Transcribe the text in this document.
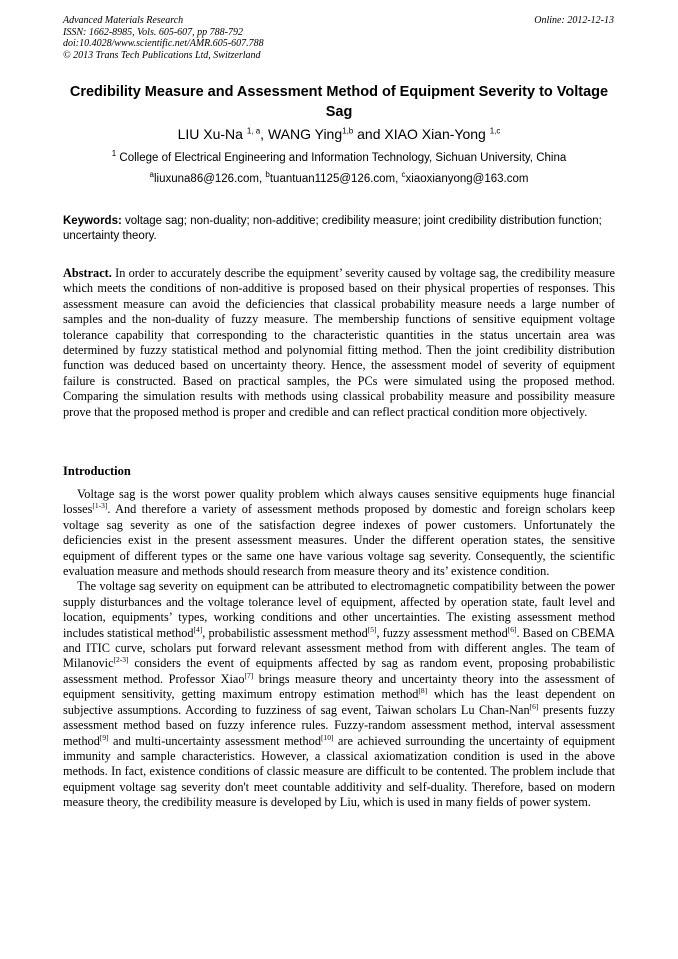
Advanced Materials Research
ISSN: 1662-8985, Vols. 605-607, pp 788-792
doi:10.4028/www.scientific.net/AMR.605-607.788
© 2013 Trans Tech Publications Ltd, Switzerland
Online: 2012-12-13
Credibility Measure and Assessment Method of Equipment Severity to Voltage Sag
LIU Xu-Na $^{1, a}$, WANG Ying$^{1,b}$ and XIAO Xian-Yong $^{1,c}$
$^1$ College of Electrical Engineering and Information Technology, Sichuan University, China
$^a$liuxuna86@126.com, $^b$tuantuan1125@126.com, $^c$xiaoxianyong@163.com
Keywords: voltage sag; non-duality; non-additive; credibility measure; joint credibility distribution function; uncertainty theory.
Abstract. In order to accurately describe the equipment’ severity caused by voltage sag, the credibility measure which meets the conditions of non-additive is proposed based on their physical properties of responses. This assessment measure can avoid the deficiencies that classical probability measure needs a large number of samples and the non-duality of fuzzy measure. The membership functions of sensitive equipment voltage tolerance capability that corresponding to the characteristic quantities in the status uncertain area was determined by fuzzy statistical method and polynomial fitting method. Then the joint credibility distribution function was deduced based on uncertainty theory. Hence, the assessment model of severity of equipment failure is constructed. Based on practical samples, the PCs were simulated using the proposed method. Comparing the simulation results with methods using classical probability measure and possibility measure prove that the proposed method is proper and credible and can reflect practical condition more objectively.
Introduction

Voltage sag is the worst power quality problem which always causes sensitive equipments huge financial losses[1-3]. And therefore a variety of assessment methods proposed by domestic and foreign scholars keep voltage sag severity as one of the satisfaction degree indexes of power customers. Unfortunately the deficiencies exist in the present assessment measures. Under the different operation states, the sensitive equipment of different types or the same one have various voltage sag severity. Consequently, the scientific evaluation measure and methods should research from measure theory and its’ existence condition.

The voltage sag severity on equipment can be attributed to electromagnetic compatibility between the power supply disturbances and the voltage tolerance level of equipment, affected by operation state, fault level and location, equipments’ types, working conditions and other uncertainties. The existing assessment method includes statistical method[4], probabilistic assessment method[5], fuzzy assessment method[6]. Based on CBEMA and ITIC curve, scholars put forward relevant assessment method from with different angles. The team of Milanovic[2-3] considers the event of equipments affected by sag as random event, proposing probabilistic assessment method. Professor Xiao[7] brings measure theory and uncertainty theory into the assessment of equipment sensitivity, getting maximum entropy estimation method[8] which has the least dependent on subjective assumptions. According to fuzziness of sag event, Taiwan scholars Lu Chan-Nan[6] presents fuzzy assessment method based on fuzzy inference rules. Fuzzy-random assessment method, interval assessment method[9] and multi-uncertainty assessment method[10] are achieved surrounding the uncertainty of equipment immunity and sample characteristics. However, a classical axiomatization condition is used in the above methods. In fact, existence conditions of classic measure are difficult to be contented. The problem include that equipment voltage sag severity don't meet countable additivity and self-duality. Therefore, based on modern measure theory, the credibility measure is developed by Liu, which is used in many fields of power system.
